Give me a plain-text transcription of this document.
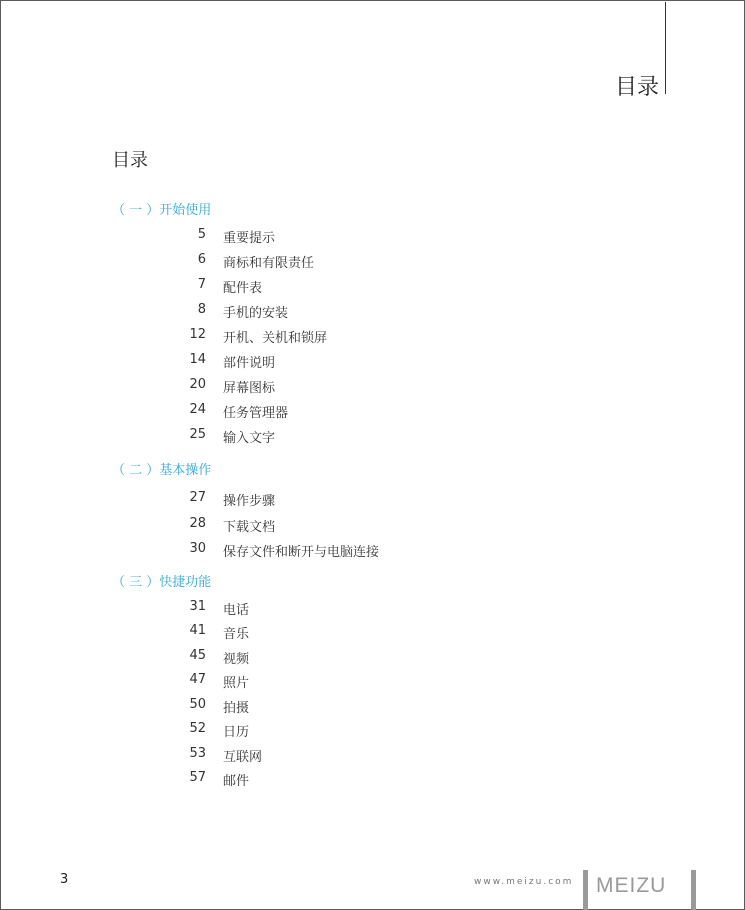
目录
目录
（ 一 ）开始使用
5 重要提示
6 商标和有限责任
7 配件表
8 手机的安装
12 开机、关机和锁屏
14 部件说明
20 屏幕图标
24 任务管理器
25 输入文字
（ 二 ）基本操作
27 操作步骤
28 下载文档
30 保存文件和断开与电脑连接
（ 三 ）快捷功能
31 电话
41 音乐
45 视频
47 照片
50 拍摄
52 日历
53 互联网
57 邮件
3	www.meizu.com MEIZU
